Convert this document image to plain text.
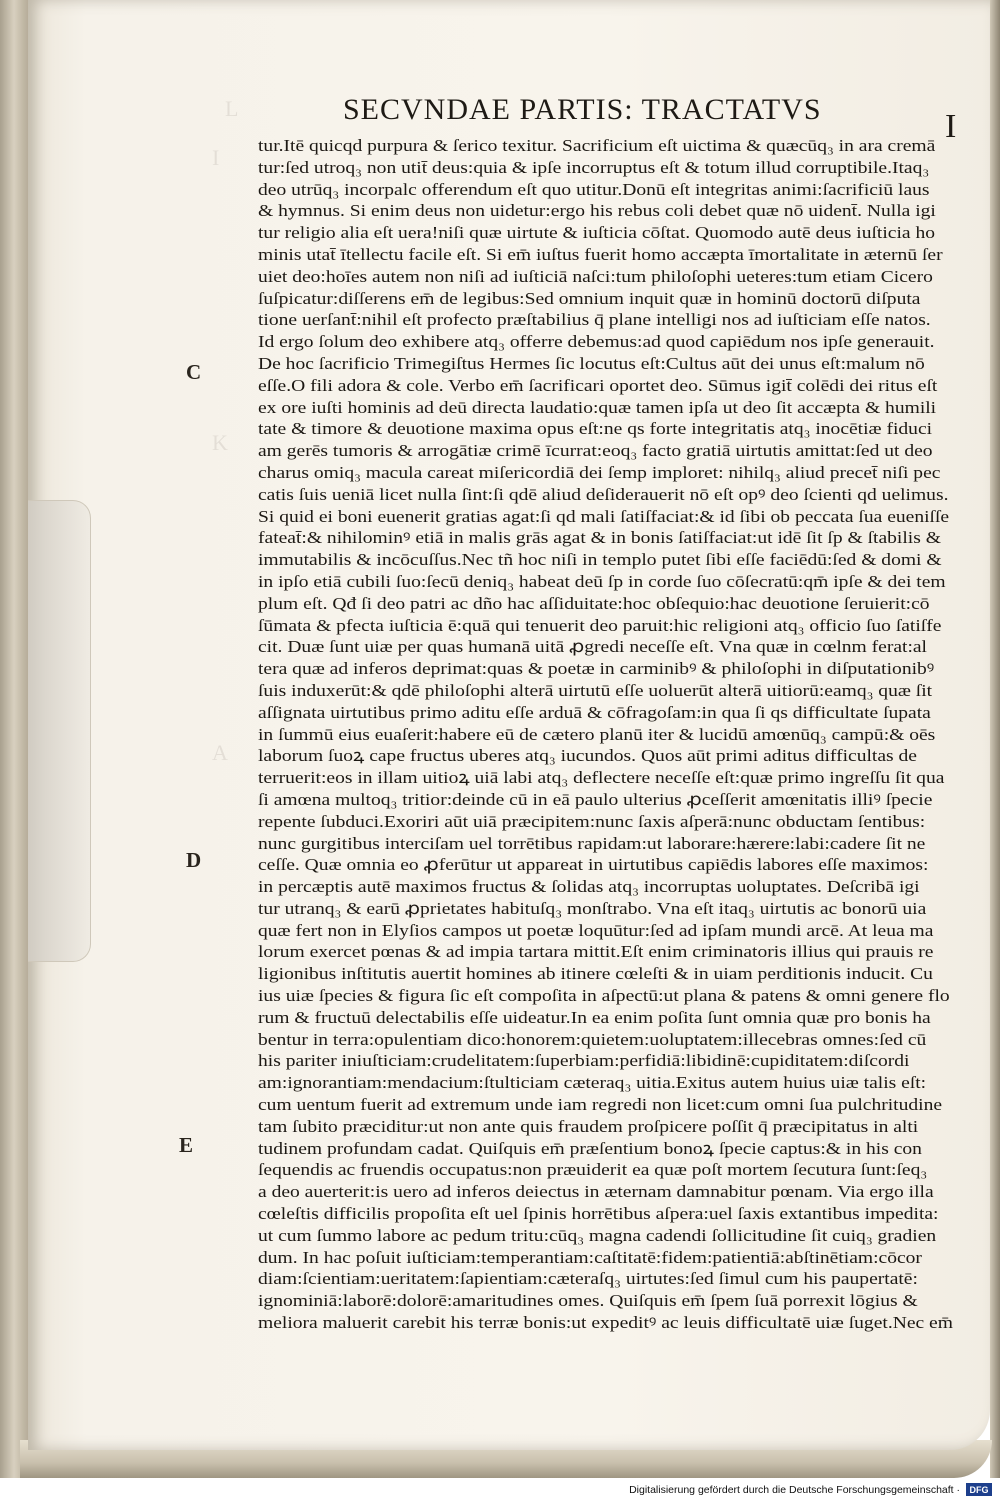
L
I
K
A
SECVNDAE PARTIS: TRACTATVS	I
C
D
E
tur.Itē quicqd purpura & ſerico texitur. Sacrificium eſt uictima & quæcūq₃ in ara cremā
tur:ſed utroq₃ non utit̄ deus:quia & ipſe incorruptus eſt & totum illud corruptibile.Itaq₃
deo utrūq₃ incorpalc offerendum eſt quo utitur.Donū eſt integritas animi:ſacrificiū laus
& hymnus. Si enim deus non uidetur:ergo his rebus coli debet quæ nō uident̄. Nulla igi
tur religio alia eſt uera!niſi quæ uirtute & iuſticia cōſtat. Quomodo autē deus iuſticia ho
minis utat̄ ītellectu facile eſt. Si em̄ iuſtus fuerit homo accæpta īmortalitate in æternū ſer
uiet deo:hoīes autem non niſi ad iuſticiā naſci:tum philoſophi ueteres:tum etiam Cicero
ſuſpicatur:diſſerens em̄ de legibus:Sed omnium inquit quæ in hominū doctorū diſputa
tione uerſant̄:nihil eſt profecto præſtabilius q̄ plane intelligi nos ad iuſticiam eſſe natos.
Id ergo ſolum deo exhibere atq₃ offerre debemus:ad quod capiēdum nos ipſe generauit.
De hoc ſacrificio Trimegiſtus Hermes ſic locutus eſt:Cultus aūt dei unus eſt:malum nō
eſſe.O fili adora & cole. Verbo em̄ ſacrificari oportet deo. Sūmus igit̄ colēdi dei ritus eſt
ex ore iuſti hominis ad deū directa laudatio:quæ tamen ipſa ut deo ſit accæpta & humili
tate & timore & deuotione maxima opus eſt:ne qs forte integritatis atq₃ inocētiæ fiduci
am gerēs tumoris & arrogātiæ crimē īcurrat:eoq₃ facto gratiā uirtutis amittat:ſed ut deo
charus omiq₃ macula careat miſericordiā dei ſemp imploret: nihilq₃ aliud precet̄ niſi pec
catis ſuis ueniā licet nulla ſint:ſi qdē aliud deſiderauerit nō eſt opꝰ deo ſcienti qd uelimus.
Si quid ei boni euenerit gratias agat:ſi qd mali ſatiſfaciat:& id ſibi ob peccata ſua eueniſſe
fateat̄:& nihilominꝰ etiā in malis grās agat & in bonis ſatiſfaciat:ut idē ſit ſp & ſtabilis &
immutabilis & incōcuſſus.Nec tñ hoc niſi in templo putet ſibi eſſe faciēdū:ſed & domi &
in ipſo etiā cubili ſuo:ſecū deniq₃ habeat deū ſp in corde ſuo cōſecratū:qm̄ ipſe & dei tem
plum eſt. Qđ ſi deo patri ac dño hac aſſiduitate:hoc obſequio:hac deuotione ſeruierit:cō
ſūmata & pfecta iuſticia ē:quā qui tenuerit deo paruit:hic religioni atq₃ officio ſuo ſatiſfe
cit. Duæ ſunt uiæ per quas humanā uitā ꝓgredi neceſſe eſt. Vna quæ in cœlnm ferat:al
tera quæ ad inferos deprimat:quas & poetæ in carminibꝰ & philoſophi in diſputationibꝰ
ſuis induxerūt:& qdē philoſophi alterā uirtutū eſſe uoluerūt alterā uitiorū:eamq₃ quæ ſit
aſſignata uirtutibus primo aditu eſſe arduā & cōfragoſam:in qua ſi qs difficultate ſupata
in ſummū eius euaſerit:habere eū de cætero planū iter & lucidū amœnūq₃ campū:& oēs
laborum ſuoꝝ cape fructus uberes atq₃ iucundos. Quos aūt primi aditus difficultas de
terruerit:eos in illam uitioꝝ uiā labi atq₃ deflectere neceſſe eſt:quæ primo ingreſſu ſit qua
ſi amœna multoq₃ tritior:deinde cū in eā paulo ulterius ꝓceſſerit amœnitatis illiꝰ ſpecie
repente ſubduci.Exoriri aūt uiā præcipitem:nunc ſaxis aſperā:nunc obductam ſentibus:
nunc gurgitibus interciſam uel torrētibus rapidam:ut laborare:hærere:labi:cadere ſit ne
ceſſe. Quæ omnia eo ꝓferūtur ut appareat in uirtutibus capiēdis labores eſſe maximos:
in percæptis autē maximos fructus & ſolidas atq₃ incorruptas uoluptates. Deſcribā igi
tur utranq₃ & earū ꝓprietates habituſq₃ monſtrabo. Vna eſt itaq₃ uirtutis ac bonorū uia
quæ fert non in Elyſios campos ut poetæ loquūtur:ſed ad ipſam mundi arcē. At leua ma
lorum exercet pœnas & ad impia tartara mittit.Eſt enim criminatoris illius qui prauis re
ligionibus inſtitutis auertit homines ab itinere cœleſti & in uiam perditionis inducit. Cu
ius uiæ ſpecies & figura ſic eſt compoſita in aſpectū:ut plana & patens & omni genere flo
rum & fructuū delectabilis eſſe uideatur.In ea enim poſita ſunt omnia quæ pro bonis ha
bentur in terra:opulentiam dico:honorem:quietem:uoluptatem:illecebras omnes:ſed cū
his pariter iniuſticiam:crudelitatem:ſuperbiam:perfidiā:libidinē:cupiditatem:diſcordi
am:ignorantiam:mendacium:ſtulticiam cæteraq₃ uitia.Exitus autem huius uiæ talis eſt:
cum uentum fuerit ad extremum unde iam regredi non licet:cum omni ſua pulchritudine
tam ſubito præciditur:ut non ante quis fraudem proſpicere poſſit q̄ præcipitatus in alti
tudinem profundam cadat. Quiſquis em̄ præſentium bonoꝝ ſpecie captus:& in his con
ſequendis ac fruendis occupatus:non præuiderit ea quæ poſt mortem ſecutura ſunt:ſeq₃
a deo auerterit:is uero ad inferos deiectus in æternam damnabitur pœnam. Via ergo illa
cœleſtis difficilis propoſita eſt uel ſpinis horrētibus aſpera:uel ſaxis extantibus impedita:
ut cum ſummo labore ac pedum tritu:cūq₃ magna cadendi ſollicitudine ſit cuiq₃ gradien
dum. In hac poſuit iuſticiam:temperantiam:caſtitatē:fidem:patientiā:abſtinētiam:cōcor
diam:ſcientiam:ueritatem:ſapientiam:cæteraſq₃ uirtutes:ſed ſimul cum his paupertatē:
ignominiā:laborē:dolorē:amaritudines omes. Quiſquis em̄ ſpem ſuā porrexit lōgius &
meliora maluerit carebit his terræ bonis:ut expeditꝰ ac leuis difficultatē uiæ ſuget.Nec em̄
Digitalisierung gefördert durch die Deutsche Forschungsgemeinschaft ·	DFG
